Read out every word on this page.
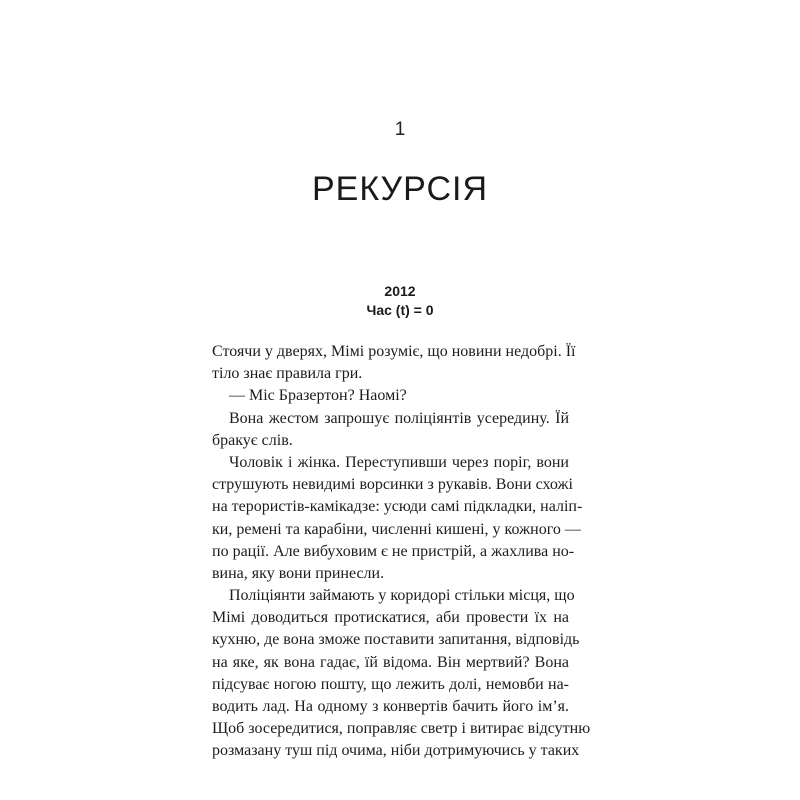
1
РЕКУРСІЯ
2012
Час (t) = 0
Стоячи у дверях, Мімі розуміє, що новини недобрі. Її
тіло знає правила гри.
— Міс Бразертон? Наомі?
Вона жестом запрошує поліціянтів усередину. Їй
бракує слів.
Чоловік і жінка. Переступивши через поріг, вони
струшують невидимі ворсинки з рукавів. Вони схожі
на терористів-камікадзе: усюди самі підкладки, наліп-
ки, ремені та карабіни, численні кишені, у кожного —
по рації. Але вибуховим є не пристрій, а жахлива но-
вина, яку вони принесли.
Поліціянти займають у коридорі стільки місця, що
Мімі доводиться протискатися, аби провести їх на
кухню, де вона зможе поставити запитання, відповідь
на яке, як вона гадає, їй відома. Він мертвий? Вона
підсуває ногою пошту, що лежить долі, немовби на-
водить лад. На одному з конвертів бачить його ім’я.
Щоб зосередитися, поправляє светр і витирає відсутню
розмазану туш під очима, ніби дотримуючись у таких
